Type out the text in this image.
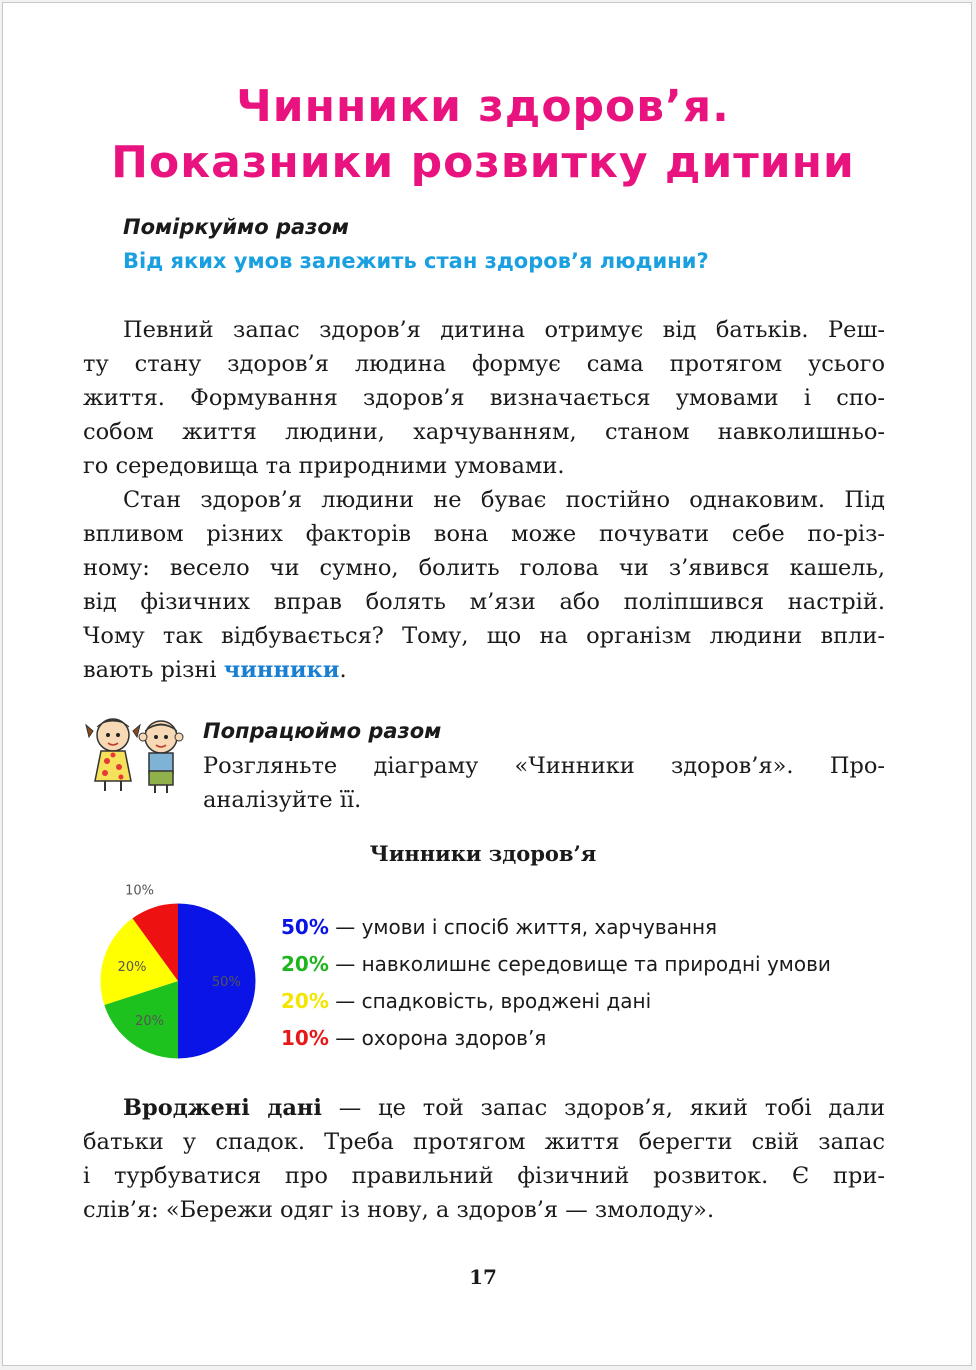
Чинники здоров’я.
Показники розвитку дитини

Поміркуймо разом

Від яких умов залежить стан здоров’я людини?

Певний запас здоров’я дитина отримує від батьків. Реш-
ту стану здоров’я людина формує сама протягом усього
життя. Формування здоров’я визначається умовами і спо-
собом життя людини, харчуванням, станом навколишньо-
го середовища та природними умовами.
Стан здоров’я людини не буває постійно однаковим. Під
впливом різних факторів вона може почувати себе по-різ-
ному: весело чи сумно, болить голова чи з’явився кашель,
від фізичних вправ болять м’язи або поліпшився настрій.
Чому так відбувається? Тому, що на організм людини впли-
вають різні чинники.

Попрацюймо разом

Розгляньте діаграму «Чинники здоров’я». Про-
аналізуйте її.

Чинники здоров’я

50%
20%
20%
10%
50% — умови і спосіб життя, харчування
20% — навколишнє середовище та природні умови
20% — спадковість, вроджені дані
10% — охорона здоров’я
Вроджені дані — це той запас здоров’я, який тобі дали
батьки у спадок. Треба протягом життя берегти свій запас
і турбуватися про правильний фізичний розвиток. Є при-
слів’я: «Бережи одяг із нову, а здоров’я — змолоду».
17
